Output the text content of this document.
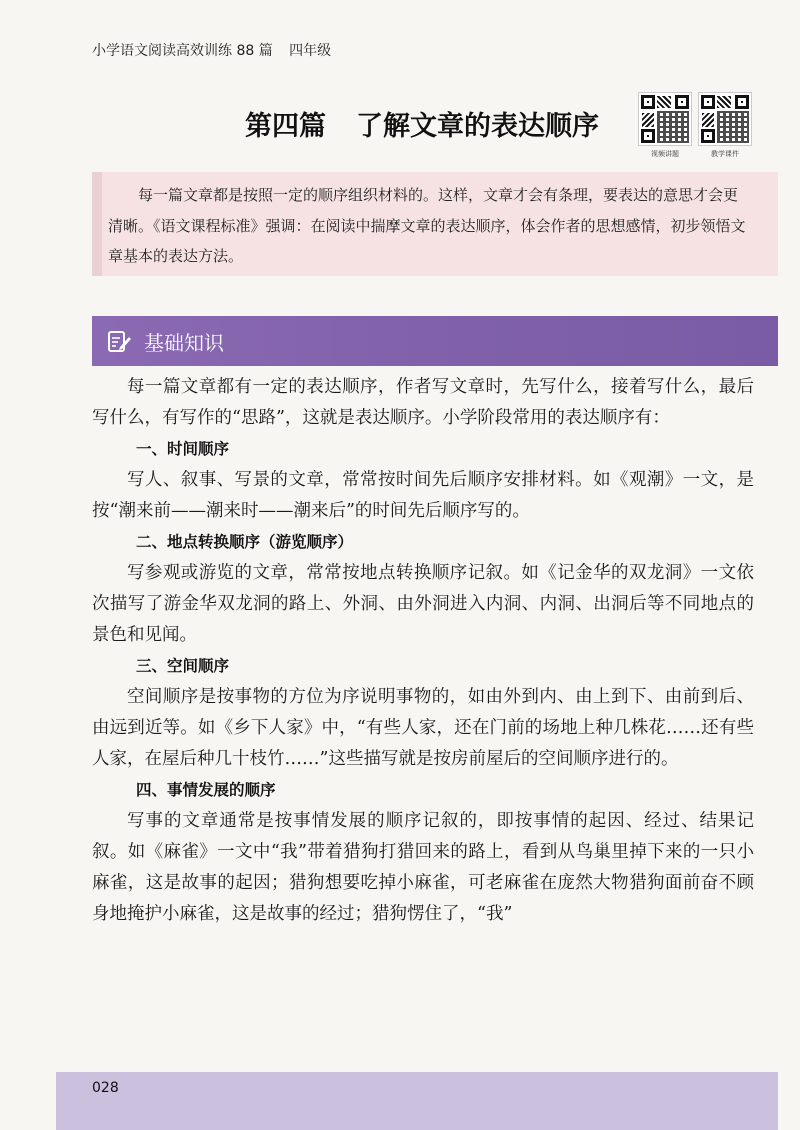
小学语文阅读高效训练 88 篇 四年级
第四篇 了解文章的表达顺序
视频讲题	教学课件

每一篇文章都是按照一定的顺序组织材料的。这样，文章才会有条理，要表达的意思才会更清晰。《语文课程标准》强调：在阅读中揣摩文章的表达顺序，体会作者的思想感情，初步领悟文章基本的表达方法。

基础知识

每一篇文章都有一定的表达顺序，作者写文章时，先写什么，接着写什么，最后写什么，有写作的“思路”，这就是表达顺序。小学阶段常用的表达顺序有：

一、时间顺序

写人、叙事、写景的文章，常常按时间先后顺序安排材料。如《观潮》一文，是按“潮来前——潮来时——潮来后”的时间先后顺序写的。

二、地点转换顺序（游览顺序）

写参观或游览的文章，常常按地点转换顺序记叙。如《记金华的双龙洞》一文依次描写了游金华双龙洞的路上、外洞、由外洞进入内洞、内洞、出洞后等不同地点的景色和见闻。

三、空间顺序

空间顺序是按事物的方位为序说明事物的，如由外到内、由上到下、由前到后、由远到近等。如《乡下人家》中，“有些人家，还在门前的场地上种几株花……还有些人家，在屋后种几十枝竹……”这些描写就是按房前屋后的空间顺序进行的。

四、事情发展的顺序

写事的文章通常是按事情发展的顺序记叙的，即按事情的起因、经过、结果记叙。如《麻雀》一文中“我”带着猎狗打猎回来的路上，看到从鸟巢里掉下来的一只小麻雀，这是故事的起因；猎狗想要吃掉小麻雀，可老麻雀在庞然大物猎狗面前奋不顾身地掩护小麻雀，这是故事的经过；猎狗愣住了，“我”

028
